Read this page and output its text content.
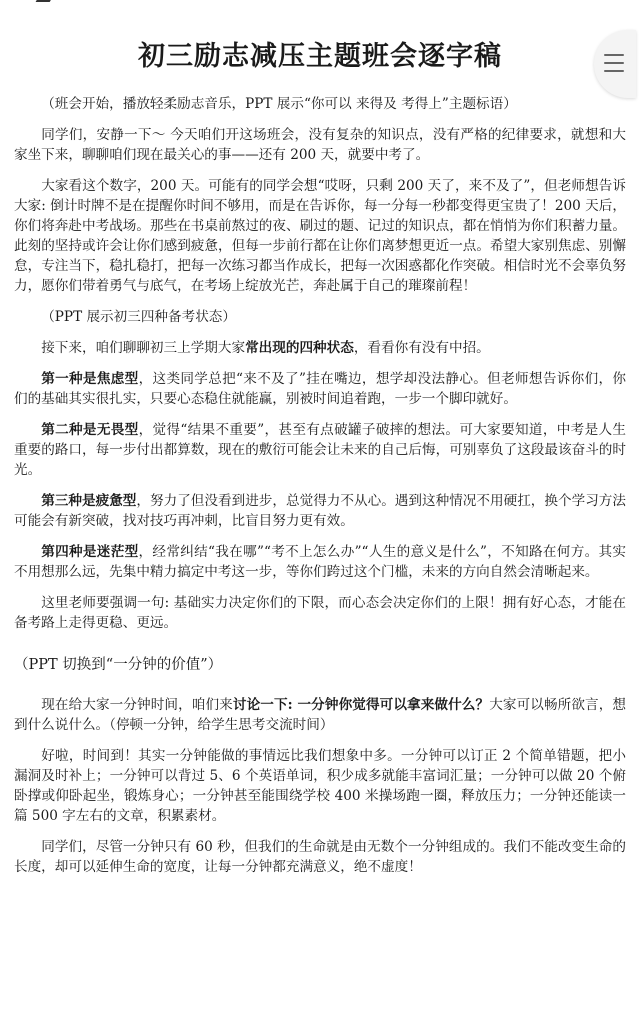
初三励志减压主题班会逐字稿

（班会开始，播放轻柔励志音乐，PPT 展示“你可以 来得及 考得上”主题标语）

同学们，安静一下～ 今天咱们开这场班会，没有复杂的知识点，没有严格的纪律要求，就想和大家坐下来，聊聊咱们现在最关心的事——还有 200 天，就要中考了。

大家看这个数字，200 天。可能有的同学会想“哎呀，只剩 200 天了，来不及了”，但老师想告诉大家: 倒计时牌不是在提醒你时间不够用，而是在告诉你，每一分每一秒都变得更宝贵了！200 天后，你们将奔赴中考战场。那些在书桌前熬过的夜、刷过的题、记过的知识点，都在悄悄为你们积蓄力量。此刻的坚持或许会让你们感到疲惫，但每一步前行都在让你们离梦想更近一点。希望大家别焦虑、别懈怠，专注当下，稳扎稳打，把每一次练习都当作成长，把每一次困惑都化作突破。相信时光不会辜负努力，愿你们带着勇气与底气，在考场上绽放光芒，奔赴属于自己的璀璨前程！

（PPT 展示初三四种备考状态）

接下来，咱们聊聊初三上学期大家常出现的四种状态，看看你有没有中招。

第一种是焦虑型，这类同学总把“来不及了”挂在嘴边，想学却没法静心。但老师想告诉你们，你们的基础其实很扎实，只要心态稳住就能赢，别被时间追着跑，一步一个脚印就好。

第二种是无畏型，觉得“结果不重要”，甚至有点破罐子破摔的想法。可大家要知道，中考是人生重要的路口，每一步付出都算数，现在的敷衍可能会让未来的自己后悔，可别辜负了这段最该奋斗的时光。

第三种是疲惫型，努力了但没看到进步，总觉得力不从心。遇到这种情况不用硬扛，换个学习方法可能会有新突破，找对技巧再冲刺，比盲目努力更有效。

第四种是迷茫型，经常纠结“我在哪”“考不上怎么办”“人生的意义是什么”，不知路在何方。其实不用想那么远，先集中精力搞定中考这一步，等你们跨过这个门槛，未来的方向自然会清晰起来。

这里老师要强调一句: 基础实力决定你们的下限，而心态会决定你们的上限！拥有好心态，才能在备考路上走得更稳、更远。

（PPT 切换到“一分钟的价值”）

现在给大家一分钟时间，咱们来讨论一下: 一分钟你觉得可以拿来做什么？大家可以畅所欲言，想到什么说什么。（停顿一分钟，给学生思考交流时间）

好啦，时间到！其实一分钟能做的事情远比我们想象中多。一分钟可以订正 2 个简单错题，把小漏洞及时补上；一分钟可以背过 5、6 个英语单词，积少成多就能丰富词汇量；一分钟可以做 20 个俯卧撑或仰卧起坐，锻炼身心；一分钟甚至能围绕学校 400 米操场跑一圈，释放压力；一分钟还能读一篇 500 字左右的文章，积累素材。

同学们，尽管一分钟只有 60 秒，但我们的生命就是由无数个一分钟组成的。我们不能改变生命的长度，却可以延伸生命的宽度，让每一分钟都充满意义，绝不虚度！
